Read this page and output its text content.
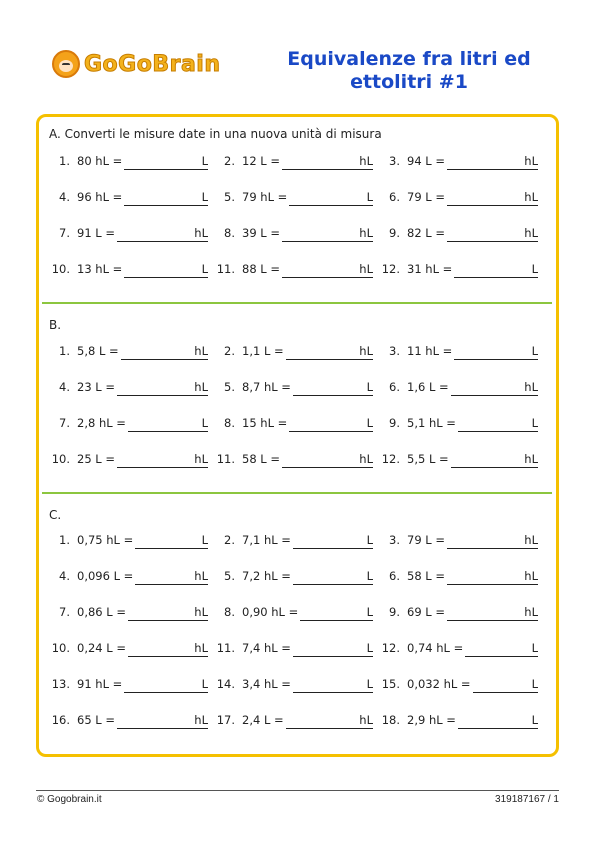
GoGoBrain	Equivalenze fra litri ed
ettolitri #1
A. Converti le misure date in una nuova unità di misura
1. 80 hL =	L	2. 12 L =	hL	3. 94 L =	hL
4. 96 hL =	L	5. 79 hL =	L	6. 79 L =	hL
7. 91 L =	hL	8. 39 L =	hL	9. 82 L =	hL
10. 13 hL =	L 11. 88 L =	hL 12. 31 hL =	L
B.
1. 5,8 L =	hL	2. 1,1 L =	hL	3. 11 hL =	L
4. 23 L =	hL	5. 8,7 hL =	L	6. 1,6 L =	hL
7. 2,8 hL =	L	8. 15 hL =	L	9. 5,1 hL =	L
10. 25 L =	hL 11. 58 L =	hL 12. 5,5 L =	hL
C.
1. 0,75 hL =	L	2. 7,1 hL =	L	3. 79 L =	hL
4. 0,096 L =	hL	5. 7,2 hL =	L	6. 58 L =	hL
7. 0,86 L =	hL	8. 0,90 hL =	L	9. 69 L =	hL
10. 0,24 L =	hL 11. 7,4 hL =	L 12. 0,74 hL =	L
13. 91 hL =	L 14. 3,4 hL =	L 15. 0,032 hL =	L
16. 65 L =	hL 17. 2,4 L =	hL 18. 2,9 hL =	L
© Gogobrain.it	319187167 / 1
